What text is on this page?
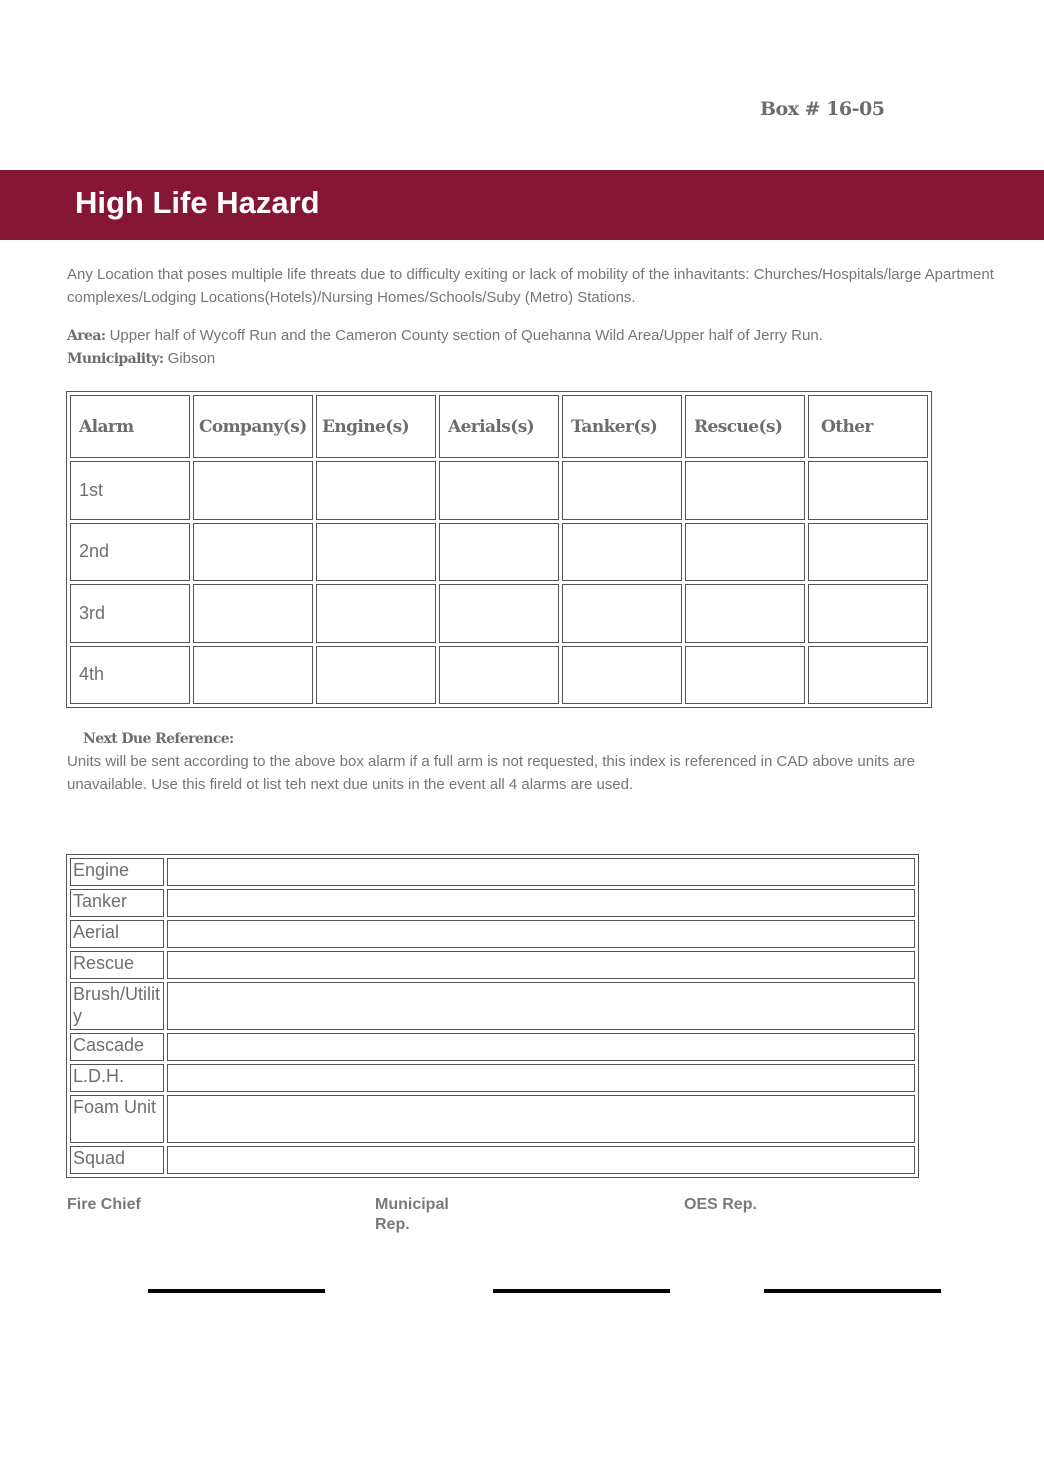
Box # 16-05
High Life Hazard

Any Location that poses multiple life threats due to difficulty exiting or lack of mobility of the inhavitants: Churches/Hospitals/large Apartment complexes/Lodging Locations(Hotels)/Nursing Homes/Schools/Suby (Metro) Stations.

Area: Upper half of Wycoff Run and the Cameron County section of Quehanna Wild Area/Upper half of Jerry Run.
Municipality: Gibson
Alarm	Company(s)	Engine(s)	Aerials(s)	Tanker(s)	Rescue(s)	Other
1st						
2nd						
3rd						
4th						
Next Due Reference:

Units will be sent according to the above box alarm if a full arm is not requested, this index is referenced in CAD above units are unavailable. Use this fireld ot list teh next due units in the event all 4 alarms are used.

Engine	
Tanker	
Aerial	
Rescue	
Brush/Utility	
Cascade	
L.D.H.	
Foam Unit	
Squad	
Fire Chief	Municipal Rep.
OES Rep.
